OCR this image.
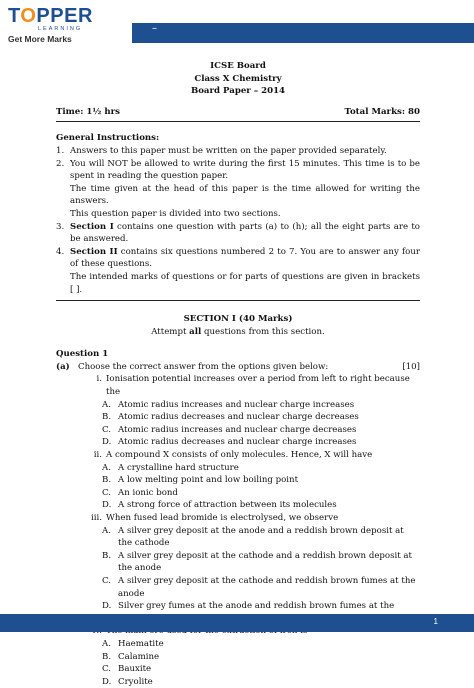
TOPPER
LEARNING
Get More Marks
–
ICSE Board
Class X Chemistry
Board Paper – 2014
Time: 1½ hrs	Total Marks: 80
General Instructions:
1. Answers to this paper must be written on the paper provided separately.
2. You will NOT be allowed to write during the first 15 minutes. This time is to be spent in reading the question paper.
The time given at the head of this paper is the time allowed for writing the answers.
This question paper is divided into two sections.
3. Section I contains one question with parts (a) to (h); all the eight parts are to be answered.
4. Section II contains six questions numbered 2 to 7. You are to answer any four of these questions.
The intended marks of questions or for parts of questions are given in brackets [ ].
SECTION I (40 Marks)
Attempt all questions from this section.
Question 1
(a) Choose the correct answer from the options given below:	[10]
i. Ionisation potential increases over a period from left to right because the
A. Atomic radius increases and nuclear charge increases
B. Atomic radius decreases and nuclear charge decreases
C. Atomic radius increases and nuclear charge decreases
D. Atomic radius decreases and nuclear charge increases
ii. A compound X consists of only molecules. Hence, X will have
A. A crystalline hard structure
B. A low melting point and low boiling point
C. An ionic bond
D. A strong force of attraction between its molecules
iii. When fused lead bromide is electrolysed, we observe
A. A silver grey deposit at the anode and a reddish brown deposit at the cathode
B. A silver grey deposit at the cathode and a reddish brown deposit at the anode
C. A silver grey deposit at the cathode and reddish brown fumes at the anode
D. Silver grey fumes at the anode and reddish brown fumes at the
A. Haematite
B. Calamine
C. Bauxite
D. Cryolite
1
